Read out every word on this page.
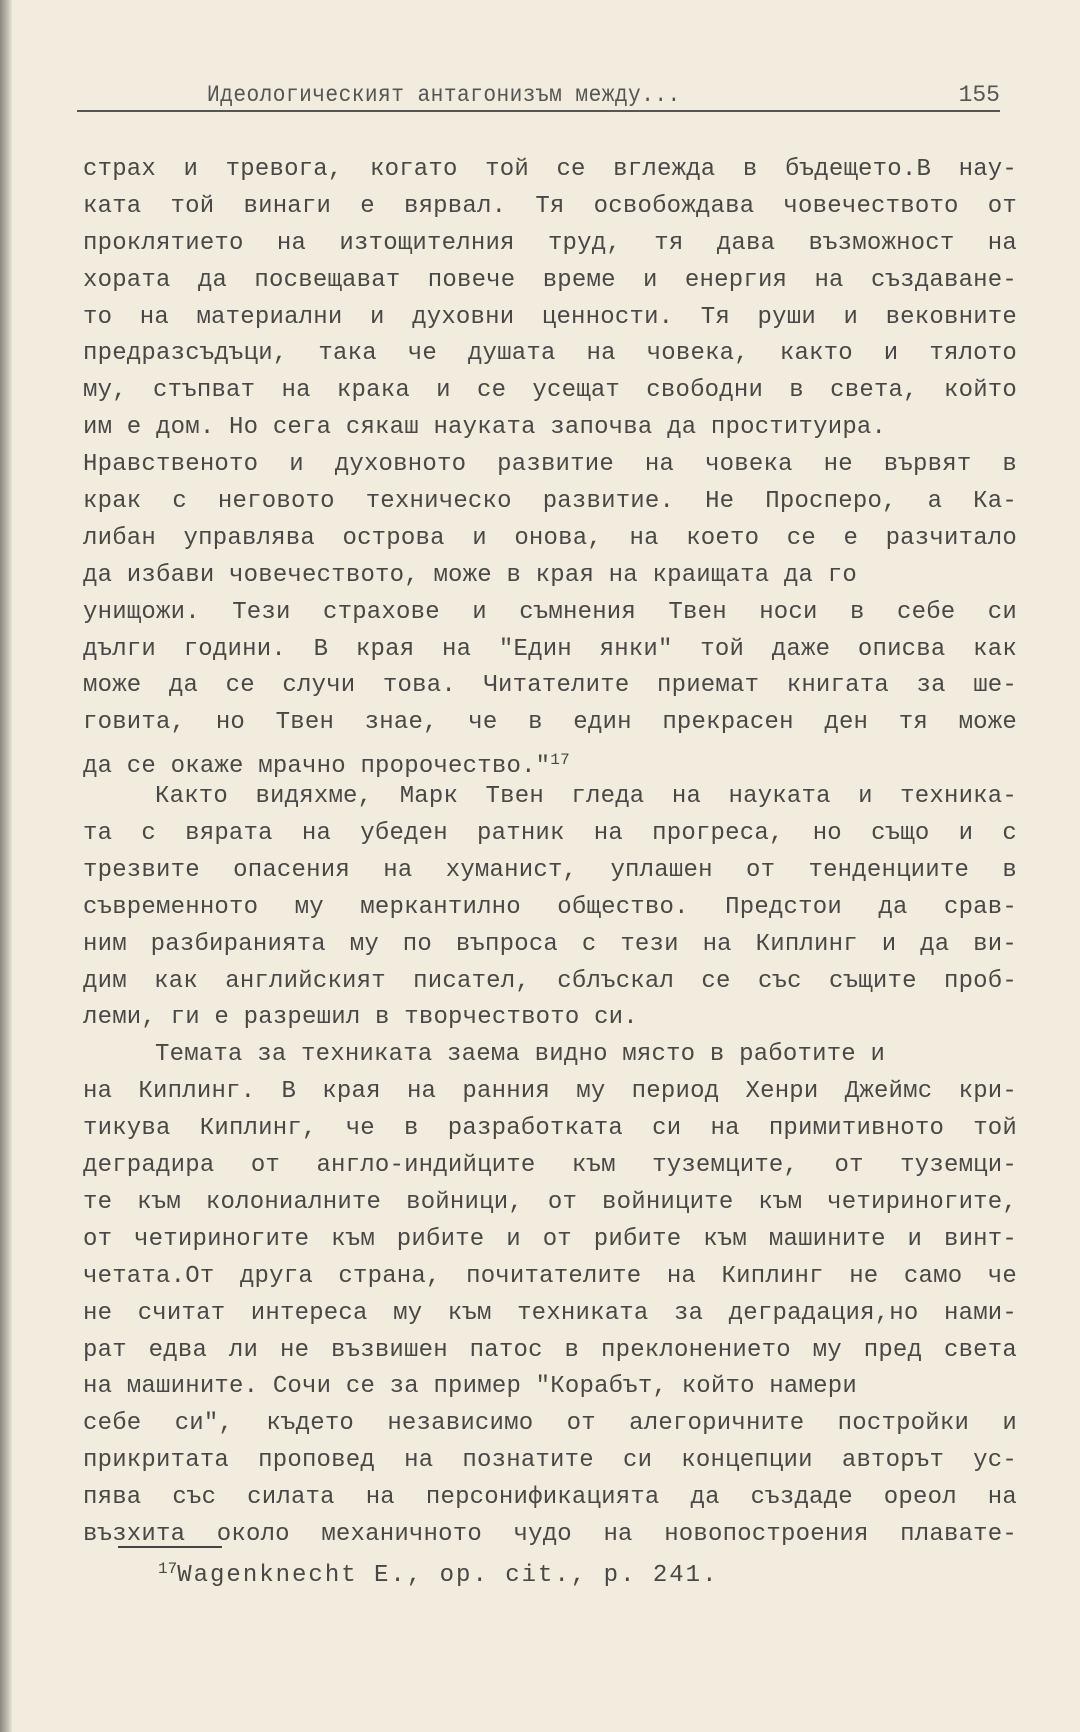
Идеологическият антагонизъм между...	155
страх и тревога, когато той се вглежда в бъдещето.В нау-
ката той винаги е вярвал. Тя освобождава човечеството от
проклятието на изтощителния труд, тя дава възможност на
хората да посвещават повече време и енергия на създаване-
то на материални и духовни ценности. Тя руши и вековните
предразсъдъци, така че душата на човека, както и тялото
му, стъпват на крака и се усещат свободни в света, който
им е дом. Но сега сякаш науката започва да проституира.
Нравственото и духовното развитие на човека не вървят в
крак с неговото техническо развитие. Не Просперо, а Ка-
либан управлява острова и онова, на което се е разчитало
да избави човечеството, може в края на краищата да го
унищожи. Тези страхове и съмнения Твен носи в себе си
дълги години. В края на "Един янки" той даже описва как
може да се случи това. Читателите приемат книгата за ше-
говита, но Твен знае, че в един прекрасен ден тя може
да се окаже мрачно пророчество."$^{17}$
Както видяхме, Марк Твен гледа на науката и техника-
та с вярата на убеден ратник на прогреса, но също и с
трезвите опасения на хуманист, уплашен от тенденциите в
съвременното му меркантилно общество. Предстои да срав-
ним разбиранията му по въпроса с тези на Киплинг и да ви-
дим как английският писател, сблъскал се със същите проб-
леми, ги е разрешил в творчеството си.
Темата за техниката заема видно място в работите и
на Киплинг. В края на ранния му период Хенри Джеймс кри-
тикува Киплинг, че в разработката си на примитивното той
деградира от англо-индийците към туземците, от туземци-
те към колониалните войници, от войниците към четириногите,
от четириногите към рибите и от рибите към машините и винт-
четата.От друга страна, почитателите на Киплинг не само че
не считат интереса му към техниката за деградация,но нами-
рат едва ли не възвишен патос в преклонението му пред света
на машините. Сочи се за пример "Корабът, който намери
себе си", където независимо от алегоричните постройки и
прикритата проповед на познатите си концепции авторът ус-
пява със силата на персонификацията да създаде ореол на
възхита около механичното чудо на новопостроения плавате-
$^{17}$Wagenknecht E., op. cit., p. 241.
